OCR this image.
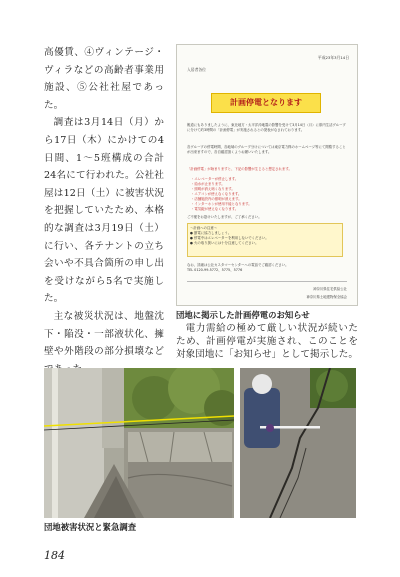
高優賃、④ヴィンテージ・ヴィラなどの高齢者事業用施設、⑤公社社屋であった。

調査は3月14日（月）から17日（木）にかけての4日間、1～5班構成の合計24名にて行われた。公社社屋は12日（土）に被害状況を把握していたため、本格的な調査は3月19日（土）に行い、各テナントの立ち会いや不具合箇所の申し出を受けながら5名で実施した。

主な被災状況は、地盤沈下・陥没・一部液状化、擁壁や外階段の部分損壊など

平成23年3月14日
入居者各位
計画停電となります
報道にもありましたように、東北地方・太平洋沖地震の影響を受けて3月14日（月）に県内生活グループに分けて約3時間の「計画停電」が実施されるとの発表がなされております。
各グループの停電時間、各地域のグループ分けについては東京電力株のホームページ等にて閲覧することが出来ますので、各自確認頂くようお願いいたします。
「計画停電」が始まりますと、下記の影響が生じると想定されます。
・エレベーターが停止します。
・給水が止まります。
・照明が消え暗くなります。
・エアコンが使えなくなります。
・店舗施設内の照明が消えます。
・インターホンが使用不能となります。
・電気錠が使えなくなります。
ご不便をお掛けいたしますが、ご了承ください。
～計画への注意～
● 節電に協力しましょう。
● 停電中はエレベーターを利用しないでください。
● 火の取り扱いには十分注意してください。
なお、詳細は公社カスタマーセンターへの電話でご確認ください。
TEL 0120-99-5772、5775、5776
神奈川県住宅供給公社
神奈川県土地建物保全協会
団地に掲示した計画停電のお知らせ

電力需給の極めて厳しい状況が続いたため、計画停電が実施され、このことを対象団地に「お知らせ」として掲示した。

団地被害状況と緊急調査
184
